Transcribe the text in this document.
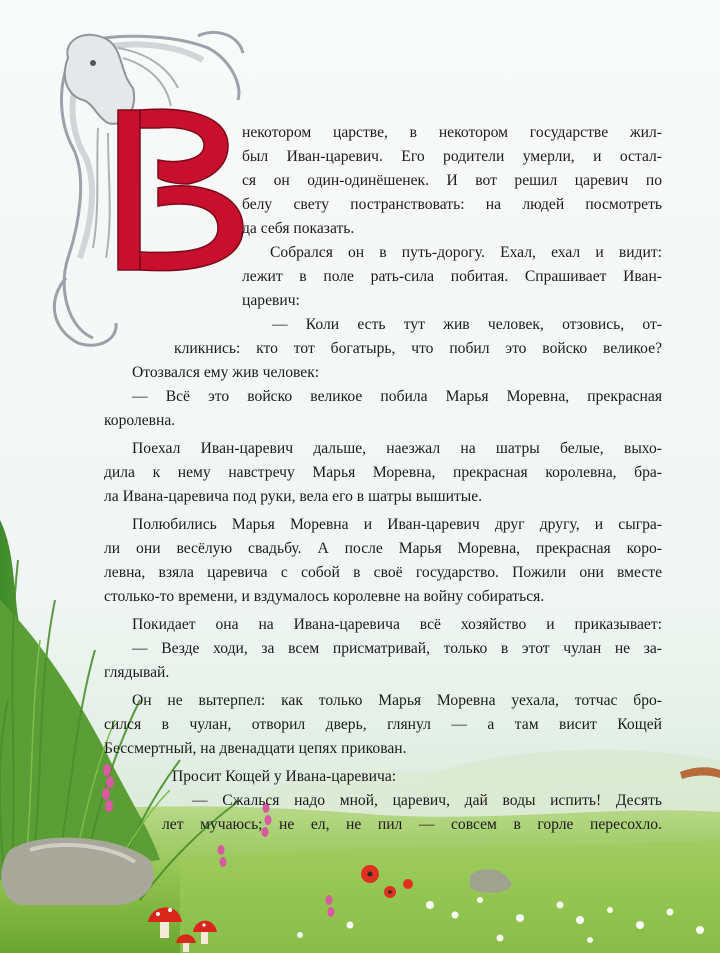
некотором царстве, в некотором государстве жил-
был Иван-царевич. Его родители умерли, и остал-
ся он один-одинёшенек. И вот решил царевич по
белу свету постранствовать: на людей посмотреть
да себя показать.
Собрался он в путь-дорогу. Ехал, ехал и видит:
лежит в поле рать-сила побитая. Спрашивает Иван-
царевич:
— Коли есть тут жив человек, отзовись, от-
кликнись: кто тот богатырь, что побил это войско великое?
Отозвался ему жив человек:
— Всё это войско великое побила Марья Моревна, прекрасная
королевна.
Поехал Иван-царевич дальше, наезжал на шатры белые, выхо-
дила к нему навстречу Марья Моревна, прекрасная королевна, бра-
ла Ивана-царевича под руки, вела его в шатры вышитые.
Полюбились Марья Моревна и Иван-царевич друг другу, и сыгра-
ли они весёлую свадьбу. А после Марья Моревна, прекрасная коро-
левна, взяла царевича с собой в своё государство. Пожили они вместе
столько-то времени, и вздумалось королевне на войну собираться.
Покидает она на Ивана-царевича всё хозяйство и приказывает:
— Везде ходи, за всем присматривай, только в этот чулан не за-
глядывай.
Он не вытерпел: как только Марья Моревна уехала, тотчас бро-
сился в чулан, отворил дверь, глянул — а там висит Кощей
Бессмертный, на двенадцати цепях прикован.
Просит Кощей у Ивана-царевича:
— Сжалься надо мной, царевич, дай воды испить! Десять
лет мучаюсь; не ел, не пил — совсем в горле пересохло.
